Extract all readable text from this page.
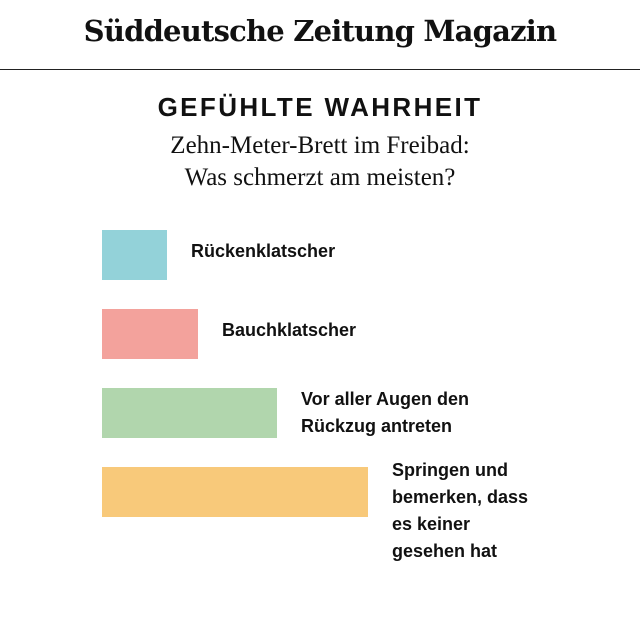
Süddeutsche Zeitung Magazin
GEFÜHLTE WAHRHEIT
Zehn-Meter-Brett im Freibad:
Was schmerzt am meisten?
Rückenklatscher
Bauchklatscher
Vor aller Augen den
Rückzug antreten
Springen und
bemerken, dass
es keiner
gesehen hat
